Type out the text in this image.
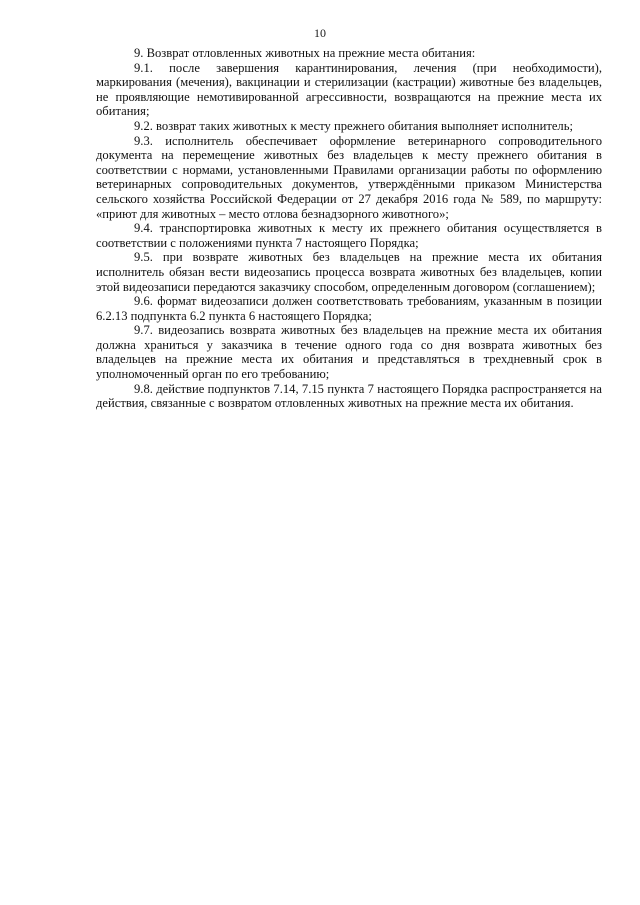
10

9. Возврат отловленных животных на прежние места обитания:

9.1. после завершения карантинирования, лечения (при необходимости), маркирования (мечения), вакцинации и стерилизации (кастрации) животные без владельцев, не проявляющие немотивированной агрессивности, возвращаются на прежние места их обитания;

9.2. возврат таких животных к месту прежнего обитания выполняет исполнитель;

9.3. исполнитель обеспечивает оформление ветеринарного сопроводительного документа на перемещение животных без владельцев к месту прежнего обитания в соответствии с нормами, установленными Правилами организации работы по оформлению ветеринарных сопроводительных документов, утверждёнными приказом Министерства сельского хозяйства Российской Федерации от 27 декабря 2016 года № 589, по маршруту: «приют для животных – место отлова безнадзорного животного»;

9.4. транспортировка животных к месту их прежнего обитания осуществляется в соответствии с положениями пункта 7 настоящего Порядка;

9.5. при возврате животных без владельцев на прежние места их обитания исполнитель обязан вести видеозапись процесса возврата животных без владельцев, копии этой видеозаписи передаются заказчику способом, определенным договором (соглашением);

9.6. формат видеозаписи должен соответствовать требованиям, указанным в позиции 6.2.13 подпункта 6.2 пункта 6 настоящего Порядка;

9.7. видеозапись возврата животных без владельцев на прежние места их обитания должна храниться у заказчика в течение одного года со дня возврата животных без владельцев на прежние места их обитания и представляться в трехдневный срок в уполномоченный орган по его требованию;

9.8. действие подпунктов 7.14, 7.15 пункта 7 настоящего Порядка распространяется на действия, связанные с возвратом отловленных животных на прежние места их обитания.
